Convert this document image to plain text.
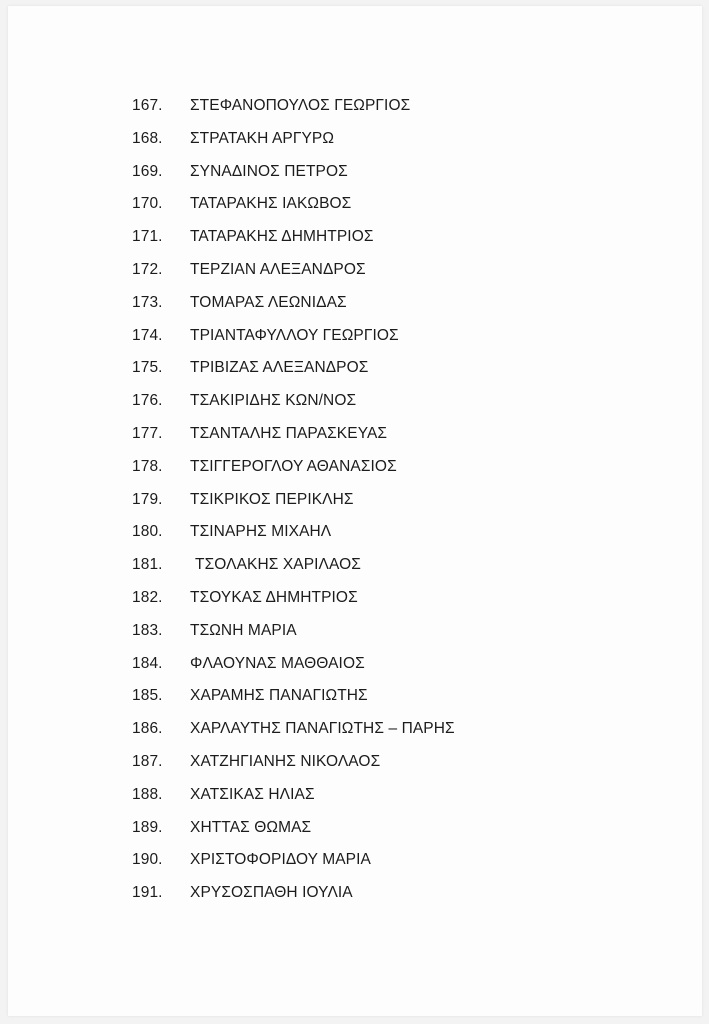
167.	ΣΤΕΦΑΝΟΠΟΥΛΟΣ ΓΕΩΡΓΙΟΣ
168.	ΣΤΡΑΤΑΚΗ ΑΡΓΥΡΩ
169.	ΣΥΝΑΔΙΝΟΣ ΠΕΤΡΟΣ
170.	ΤΑΤΑΡΑΚΗΣ ΙΑΚΩΒΟΣ
171.	ΤΑΤΑΡΑΚΗΣ ΔΗΜΗΤΡΙΟΣ
172.	ΤΕΡΖΙΑΝ ΑΛΕΞΑΝΔΡΟΣ
173.	ΤΟΜΑΡΑΣ ΛΕΩΝΙΔΑΣ
174.	ΤΡΙΑΝΤΑΦΥΛΛΟΥ ΓΕΩΡΓΙΟΣ
175.	ΤΡΙΒΙΖΑΣ ΑΛΕΞΑΝΔΡΟΣ
176.	ΤΣΑΚΙΡΙΔΗΣ ΚΩΝ/ΝΟΣ
177.	ΤΣΑΝΤΑΛΗΣ ΠΑΡΑΣΚΕΥΑΣ
178.	ΤΣΙΓΓΕΡΟΓΛΟΥ ΑΘΑΝΑΣΙΟΣ
179.	ΤΣΙΚΡΙΚΟΣ ΠΕΡΙΚΛΗΣ
180.	ΤΣΙΝΑΡΗΣ ΜΙΧΑΗΛ
181.	ΤΣΟΛΑΚΗΣ ΧΑΡΙΛΑΟΣ
182.	ΤΣΟΥΚΑΣ ΔΗΜΗΤΡΙΟΣ
183.	ΤΣΩΝΗ ΜΑΡΙΑ
184.	ΦΛΑΟΥΝΑΣ ΜΑΘΘΑΙΟΣ
185.	ΧΑΡΑΜΗΣ ΠΑΝΑΓΙΩΤΗΣ
186.	ΧΑΡΛΑΥΤΗΣ ΠΑΝΑΓΙΩΤΗΣ – ΠΑΡΗΣ
187.	ΧΑΤΖΗΓΙΑΝΗΣ ΝΙΚΟΛΑΟΣ
188.	ΧΑΤΣΙΚΑΣ ΗΛΙΑΣ
189.	ΧΗΤΤΑΣ ΘΩΜΑΣ
190.	ΧΡΙΣΤΟΦΟΡΙΔΟΥ ΜΑΡΙΑ
191.	ΧΡΥΣΟΣΠΑΘΗ ΙΟΥΛΙΑ
